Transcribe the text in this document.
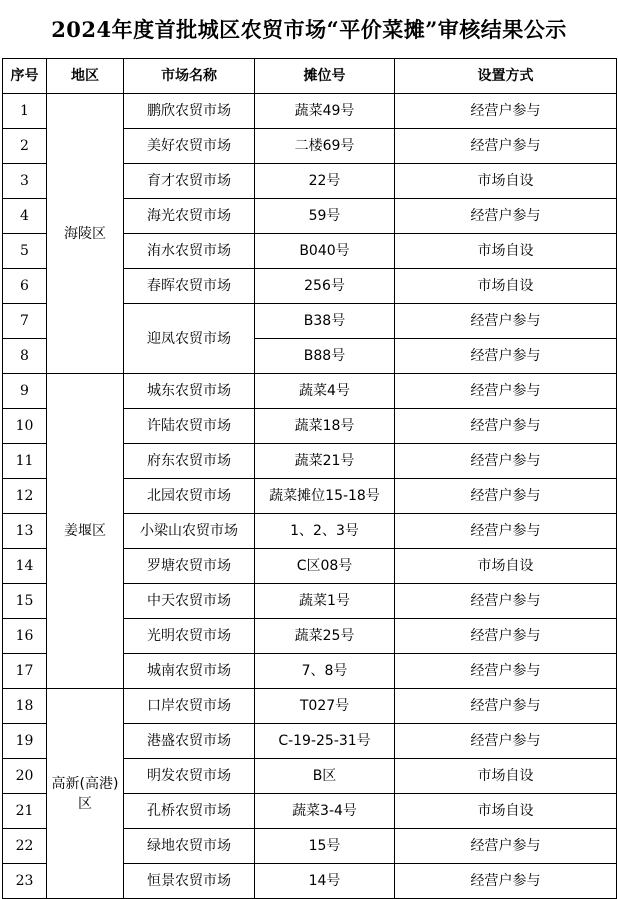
2024年度首批城区农贸市场“平价菜摊”审核结果公示
序号	地区	市场名称	摊位号	设置方式
1	海陵区	鹏欣农贸市场	蔬菜49号	经营户参与
2		美好农贸市场	二楼69号	经营户参与
3		育才农贸市场	22号	市场自设
4		海光农贸市场	59号	经营户参与
5		洧水农贸市场	B040号	市场自设
6		春晖农贸市场	256号	市场自设
7		迎凤农贸市场	B38号	经营户参与
8			B88号	经营户参与
9	姜堰区	城东农贸市场	蔬菜4号	经营户参与
10		许陆农贸市场	蔬菜18号	经营户参与
11		府东农贸市场	蔬菜21号	经营户参与
12		北园农贸市场	蔬菜摊位15-18号	经营户参与
13		小梁山农贸市场	1、2、3号	经营户参与
14		罗塘农贸市场	C区08号	市场自设
15		中天农贸市场	蔬菜1号	经营户参与
16		光明农贸市场	蔬菜25号	经营户参与
17		城南农贸市场	7、8号	经营户参与
18	高新(高港)区	口岸农贸市场	T027号	经营户参与
19		港盛农贸市场	C-19-25-31号	经营户参与
20		明发农贸市场	B区	市场自设
21		孔桥农贸市场	蔬菜3-4号	市场自设
22		绿地农贸市场	15号	经营户参与
23		恒景农贸市场	14号	经营户参与
